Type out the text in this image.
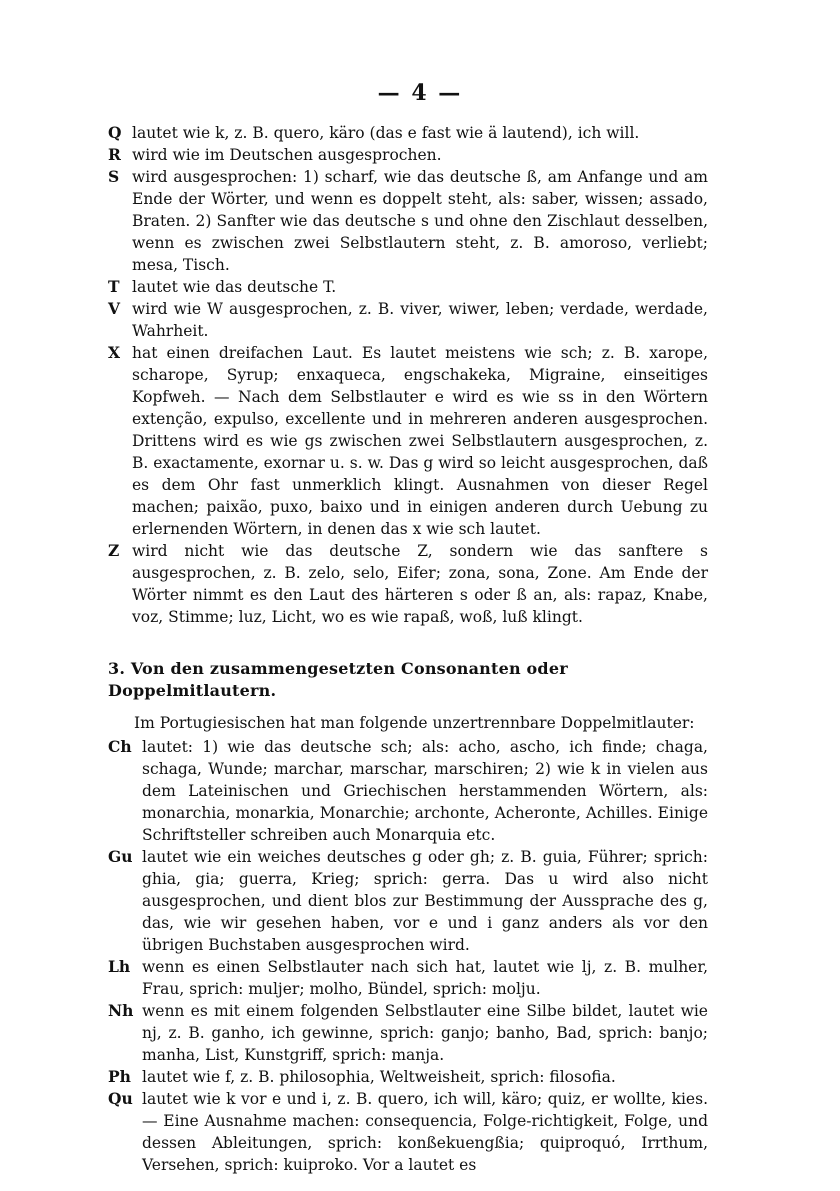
— 4 —
Q lautet wie k, z. B. quero, käro (das e fast wie ä lautend), ich will.
R wird wie im Deutschen ausgesprochen.
S wird ausgesprochen: 1) scharf, wie das deutsche ß, am Anfange und am Ende der Wörter, und wenn es doppelt steht, als: saber, wissen; assado, Braten. 2) Sanfter wie das deutsche s und ohne den Zischlaut desselben, wenn es zwischen zwei Selbstlautern steht, z. B. amoroso, verliebt; mesa, Tisch.
T lautet wie das deutsche T.
V wird wie W ausgesprochen, z. B. viver, wiwer, leben; verdade, werdade, Wahrheit.
X hat einen dreifachen Laut. Es lautet meistens wie sch; z. B. xarope, scharope, Syrup; enxaqueca, engschakeka, Migraine, einseitiges Kopfweh. — Nach dem Selbstlauter e wird es wie ss in den Wörtern extenção, expulso, excellente und in mehreren anderen ausgesprochen. Drittens wird es wie gs zwischen zwei Selbstlautern ausgesprochen, z. B. exactamente, exornar u. s. w. Das g wird so leicht ausgesprochen, daß es dem Ohr fast unmerklich klingt. Ausnahmen von dieser Regel machen; paixão, puxo, baixo und in einigen anderen durch Uebung zu erlernenden Wörtern, in denen das x wie sch lautet.
Z wird nicht wie das deutsche Z, sondern wie das sanftere s ausgesprochen, z. B. zelo, selo, Eifer; zona, sona, Zone. Am Ende der Wörter nimmt es den Laut des härteren s oder ß an, als: rapaz, Knabe, voz, Stimme; luz, Licht, wo es wie rapaß, woß, luß klingt.
3. Von den zusammengesetzten Consonanten oder Doppelmitlautern.
Im Portugiesischen hat man folgende unzertrennbare Doppelmitlauter:
Ch lautet: 1) wie das deutsche sch; als: acho, ascho, ich finde; chaga, schaga, Wunde; marchar, marschar, marschiren; 2) wie k in vielen aus dem Lateinischen und Griechischen herstammenden Wörtern, als: monarchia, monarkia, Monarchie; archonte, Acheronte, Achilles. Einige Schriftsteller schreiben auch Monarquia etc.
Gu lautet wie ein weiches deutsches g oder gh; z. B. guia, Führer; sprich: ghia, gia; guerra, Krieg; sprich: gerra. Das u wird also nicht ausgesprochen, und dient blos zur Bestimmung der Aussprache des g, das, wie wir gesehen haben, vor e und i ganz anders als vor den übrigen Buchstaben ausgesprochen wird.
Lh wenn es einen Selbstlauter nach sich hat, lautet wie lj, z. B. mulher, Frau, sprich: muljer; molho, Bündel, sprich: molju.
Nh wenn es mit einem folgenden Selbstlauter eine Silbe bildet, lautet wie nj, z. B. ganho, ich gewinne, sprich: ganjo; banho, Bad, sprich: banjo; manha, List, Kunstgriff, sprich: manja.
Ph lautet wie f, z. B. philosophia, Weltweisheit, sprich: filosofia.
Qu lautet wie k vor e und i, z. B. quero, ich will, käro; quiz, er wollte, kies. — Eine Ausnahme machen: consequencia, Folge-richtigkeit, Folge, und dessen Ableitungen, sprich: konßekuengßia; quiproquó, Irrthum, Versehen, sprich: kuiproko. Vor a lautet es
